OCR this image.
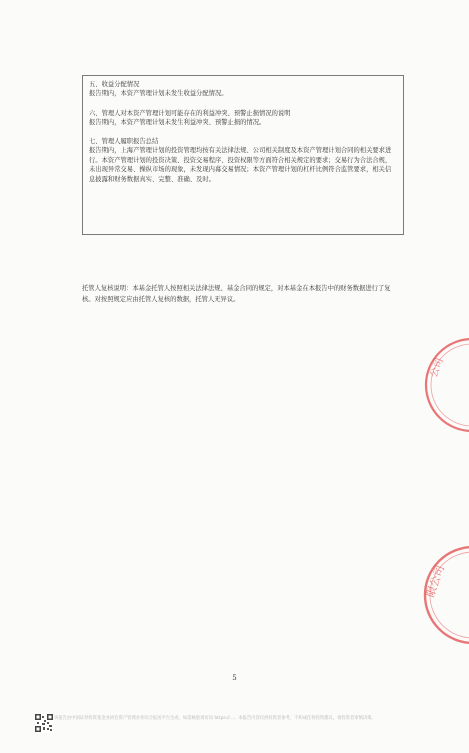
五、收益分配情况
报告期内，本资产管理计划未发生收益分配情况。
六、管理人对本资产管理计划可能存在的利益冲突、预警止损情况的说明
报告期内，本资产管理计划未发生利益冲突、预警止损的情况。
七、管理人履职报告总结
报告期内，上海产管理计划的投资管理均按有关法律法规、公司相关制度及本资产管理计划合同的相关要求进行。本资产管理计划的投资决策、投资交易程序、投资权限等方面符合相关规定的要求；交易行为合法合规，未出现异常交易、操纵市场的现象，未发现内幕交易情况；本资产管理计划的杠杆比例符合监管要求，相关信息披露和财务数据真实、完整、准确、及时。
托管人复核说明：本基金托管人按照相关法律法规、基金合同的规定，对本基金在本报告中的财务数据进行了复核。对按照规定应由托管人复核的数据，托管人无异议。
公司
限公司
5
该报告由中国证券投资基金业协会资产管理业务综合报送平台生成，如需核验请访问 https://...；本报告内容仅供投资者参考，不构成任何投资建议，请投资者审慎决策。
